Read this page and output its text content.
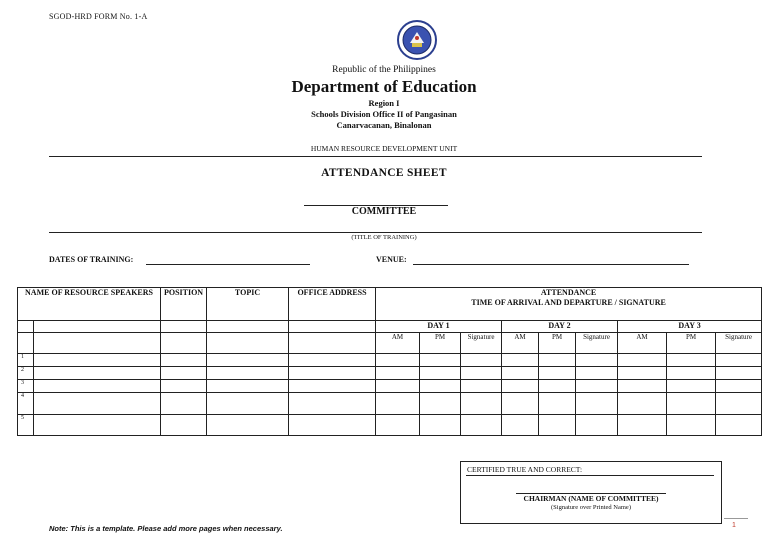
SGOD-HRD FORM No. 1-A
Republic of the Philippines
Department of Education
Region I
Schools Division Office II of Pangasinan
Canarvacanan, Binalonan
HUMAN RESOURCE DEVELOPMENT UNIT
ATTENDANCE SHEET
COMMITTEE
(TITLE OF TRAINING)
DATES OF TRAINING:	VENUE:
NAME OF RESOURCE SPEAKERS		POSITION	TOPIC	OFFICE ADDRESS	ATTENDANCE
TIME OF ARRIVAL AND DEPARTURE / SIGNATURE								

					DAY 1			DAY 2			DAY 3		
					AM	PM	Signature	AM	PM	Signature	AM	PM	Signature
1													
2													
3													
4													
5													
CERTIFIED TRUE AND CORRECT:
CHAIRMAN (NAME OF COMMITTEE)
(Signature over Printed Name)
Note: This is a template. Please add more pages when necessary.	1
